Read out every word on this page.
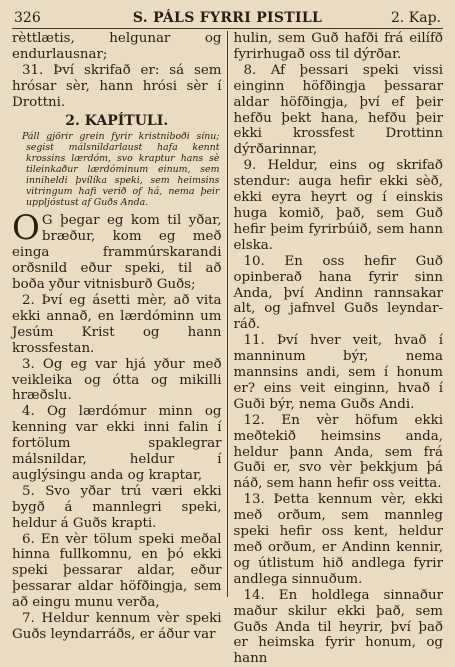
326	S. PÁLS FYRRI PISTILL	2. Kap.

rèttlætis, helgunar og endurlausnar;

31. Því skrifað er: sá sem hrósar sèr, hann hrósi sèr í Drottni.

2. KAPÍTULI.

Páll gjörir grein fyrir kristniboði sínu; segist málsnildarlaust hafa kennt krossins lærdóm, svo kraptur hans sè tileinkaður lærdóminum einum, sem inniheldi þvílíka speki, sem heimsins vitringum hafi verið of há, nema þeir uppljóstust af Guðs Anda.

O G þegar eg kom til yðar, bræður, kom eg með einga frammúrskarandi orðsnild eður speki, til að boða yður vitnisburð Guðs;

2. Því eg ásetti mèr, að vita ekki annað, en lærdóminn um Jesúm Krist og hann krossfestan.

3. Og eg var hjá yður með veikleika og ótta og mikilli hræðslu.

4. Og lærdómur minn og kenning var ekki inni falin í fortölum spaklegrar málsnildar, heldur í auglýsingu anda og kraptar,

5. Svo yðar trú væri ekki bygð á mannlegri speki, heldur á Guðs krapti.

6. En vèr tölum speki meðal hinna fullkomnu, en þó ekki speki þessarar aldar, eður þessarar aldar höfðingja, sem að eingu munu verða,

7. Heldur kennum vèr speki Guðs leyndarráðs, er áður var

hulin, sem Guð hafði frá eilífð fyrirhugað oss til dýrðar.

8. Af þessari speki vissi einginn höfðingja þessarar aldar höfðingja, því ef þeir hefðu þekt hana, hefðu þeir ekki krossfest Drottinn dýrðarinnar,

9. Heldur, eins og skrifað stendur: auga hefir ekki sèð, ekki eyra heyrt og í einskis huga komið, það, sem Guð hefir þeim fyrirbúið, sem hann elska.

10. En oss hefir Guð opinberað hana fyrir sinn Anda, því Andinn rannsakar alt, og jafnvel Guðs leyndar-ráð.

11. Því hver veit, hvað í manninum býr, nema mannsins andi, sem í honum er? eins veit einginn, hvað í Guði býr, nema Guðs Andi.

12. En vèr höfum ekki meðtekið heimsins anda, heldur þann Anda, sem frá Guði er, svo vèr þekkjum þá náð, sem hann hefir oss veitta.

13. Þetta kennum vèr, ekki með orðum, sem mannleg speki hefir oss kent, heldur með orðum, er Andinn kennir, og útlistum hið andlega fyrir andlega sinnuðum.

14. En holdlega sinnaður maður skilur ekki það, sem Guðs Anda til heyrir, því það er heimska fyrir honum, og hann
